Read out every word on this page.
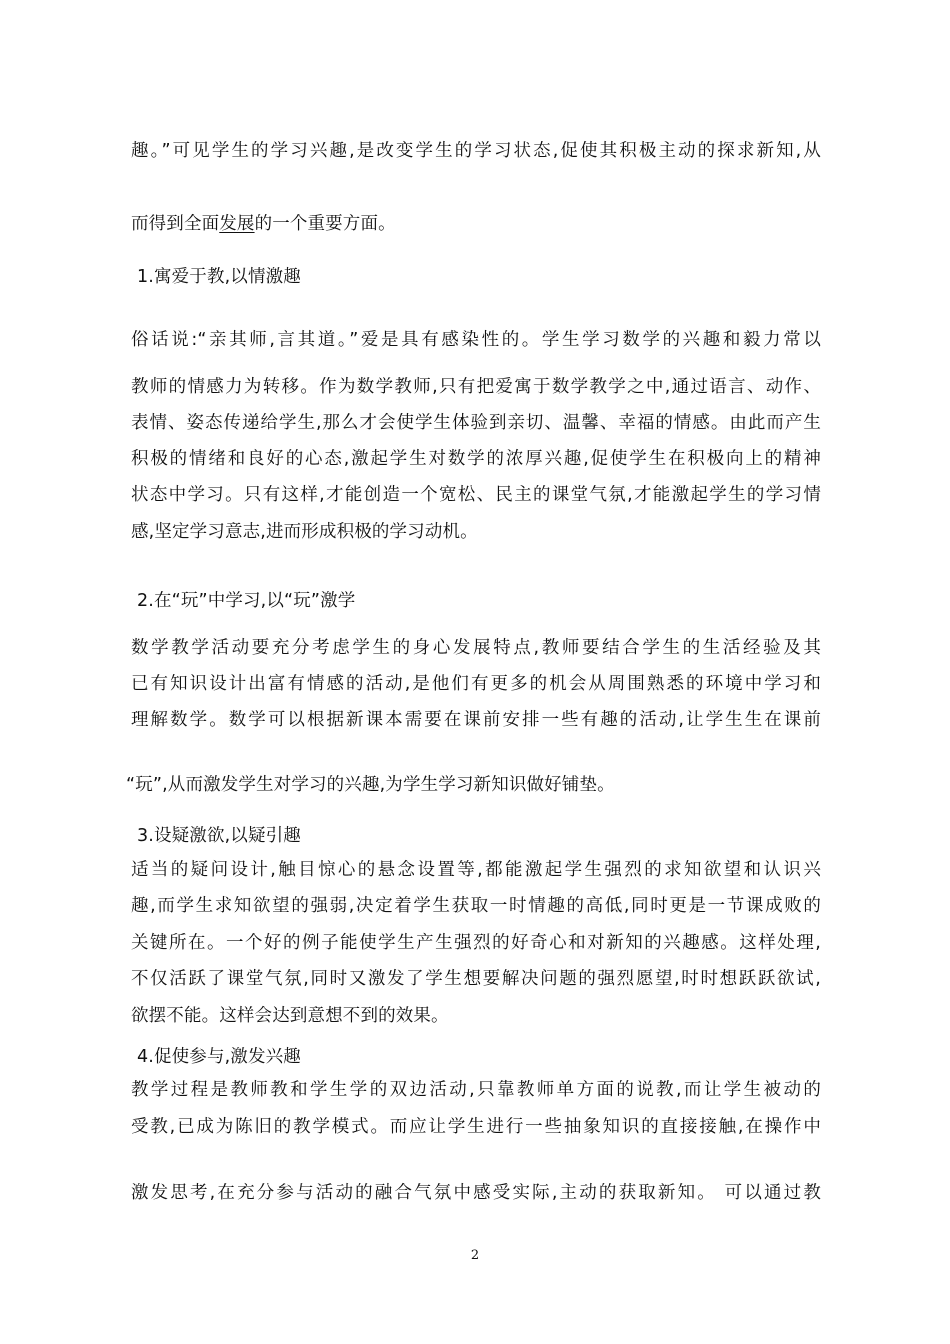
趣。”可见学生的学习兴趣,是改变学生的学习状态,促使其积极主动的探求新知,从
而得到全面发展的一个重要方面。
1.寓爱于教,以情激趣
俗话说:“亲其师,言其道。”爱是具有感染性的。学生学习数学的兴趣和毅力常以
教师的情感力为转移。作为数学教师,只有把爱寓于数学教学之中,通过语言、动作、
表情、姿态传递给学生,那么才会使学生体验到亲切、温馨、幸福的情感。由此而产生
积极的情绪和良好的心态,激起学生对数学的浓厚兴趣,促使学生在积极向上的精神
状态中学习。只有这样,才能创造一个宽松、民主的课堂气氛,才能激起学生的学习情
感,坚定学习意志,进而形成积极的学习动机。
2.在“玩”中学习,以“玩”激学
数学教学活动要充分考虑学生的身心发展特点,教师要结合学生的生活经验及其
已有知识设计出富有情感的活动,是他们有更多的机会从周围熟悉的环境中学习和
理解数学。数学可以根据新课本需要在课前安排一些有趣的活动,让学生生在课前
“玩”,从而激发学生对学习的兴趣,为学生学习新知识做好铺垫。
3.设疑激欲,以疑引趣
适当的疑问设计,触目惊心的悬念设置等,都能激起学生强烈的求知欲望和认识兴
趣,而学生求知欲望的强弱,决定着学生获取一时情趣的高低,同时更是一节课成败的
关键所在。一个好的例子能使学生产生强烈的好奇心和对新知的兴趣感。这样处理,
不仅活跃了课堂气氛,同时又激发了学生想要解决问题的强烈愿望,时时想跃跃欲试,
欲摆不能。这样会达到意想不到的效果。
4.促使参与,激发兴趣
教学过程是教师教和学生学的双边活动,只靠教师单方面的说教,而让学生被动的
受教,已成为陈旧的教学模式。而应让学生进行一些抽象知识的直接接触,在操作中
激发思考,在充分参与活动的融合气氛中感受实际,主动的获取新知。 可以通过教
2
